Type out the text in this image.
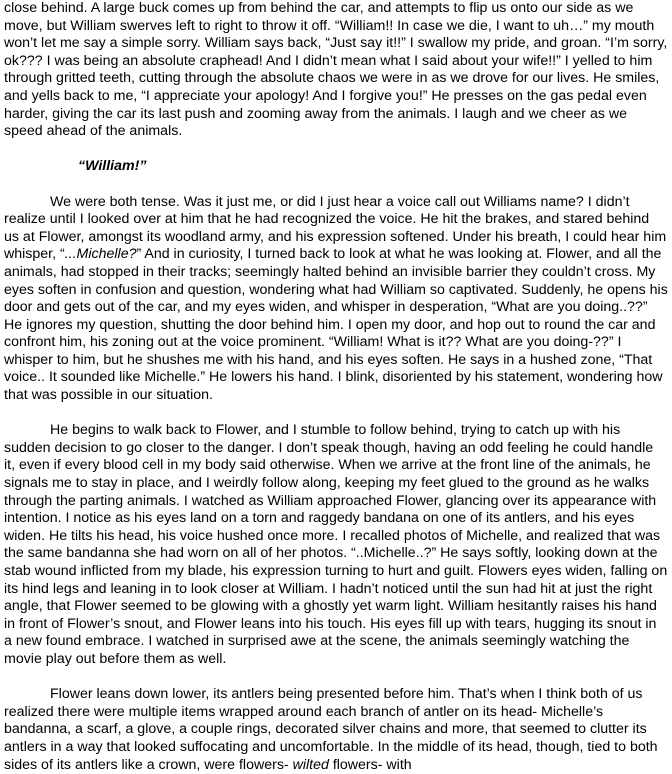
close behind. A large buck comes up from behind the car, and attempts to flip us onto our side as we move, but William swerves left to right to throw it off. “William!! In case we die, I want to uh…” my mouth won’t let me say a simple sorry. William says back, “Just say it!!” I swallow my pride, and groan. “I’m sorry, ok??? I was being an absolute craphead! And I didn’t mean what I said about your wife!!” I yelled to him through gritted teeth, cutting through the absolute chaos we were in as we drove for our lives. He smiles, and yells back to me, “I appreciate your apology! And I forgive you!” He presses on the gas pedal even harder, giving the car its last push and zooming away from the animals. I laugh and we cheer as we speed ahead of the animals.

“William!”

We were both tense. Was it just me, or did I just hear a voice call out Williams name? I didn’t realize until I looked over at him that he had recognized the voice. He hit the brakes, and stared behind us at Flower, amongst its woodland army, and his expression softened. Under his breath, I could hear him whisper, “...Michelle?” And in curiosity, I turned back to look at what he was looking at. Flower, and all the animals, had stopped in their tracks; seemingly halted behind an invisible barrier they couldn’t cross. My eyes soften in confusion and question, wondering what had William so captivated. Suddenly, he opens his door and gets out of the car, and my eyes widen, and whisper in desperation, “What are you doing..??” He ignores my question, shutting the door behind him. I open my door, and hop out to round the car and confront him, his zoning out at the voice prominent. “William! What is it?? What are you doing-??” I whisper to him, but he shushes me with his hand, and his eyes soften. He says in a hushed zone, “That voice.. It sounded like Michelle.” He lowers his hand. I blink, disoriented by his statement, wondering how that was possible in our situation.

He begins to walk back to Flower, and I stumble to follow behind, trying to catch up with his sudden decision to go closer to the danger. I don’t speak though, having an odd feeling he could handle it, even if every blood cell in my body said otherwise. When we arrive at the front line of the animals, he signals me to stay in place, and I weirdly follow along, keeping my feet glued to the ground as he walks through the parting animals. I watched as William approached Flower, glancing over its appearance with intention. I notice as his eyes land on a torn and raggedy bandana on one of its antlers, and his eyes widen. He tilts his head, his voice hushed once more. I recalled photos of Michelle, and realized that was the same bandanna she had worn on all of her photos. “..Michelle..?” He says softly, looking down at the stab wound inflicted from my blade, his expression turning to hurt and guilt. Flowers eyes widen, falling on its hind legs and leaning in to look closer at William. I hadn’t noticed until the sun had hit at just the right angle, that Flower seemed to be glowing with a ghostly yet warm light. William hesitantly raises his hand in front of Flower’s snout, and Flower leans into his touch. His eyes fill up with tears, hugging its snout in a new found embrace. I watched in surprised awe at the scene, the animals seemingly watching the movie play out before them as well.

Flower leans down lower, its antlers being presented before him. That’s when I think both of us realized there were multiple items wrapped around each branch of antler on its head- Michelle’s bandanna, a scarf, a glove, a couple rings, decorated silver chains and more, that seemed to clutter its antlers in a way that looked suffocating and uncomfortable. In the middle of its head, though, tied to both sides of its antlers like a crown, were flowers- wilted flowers- with
